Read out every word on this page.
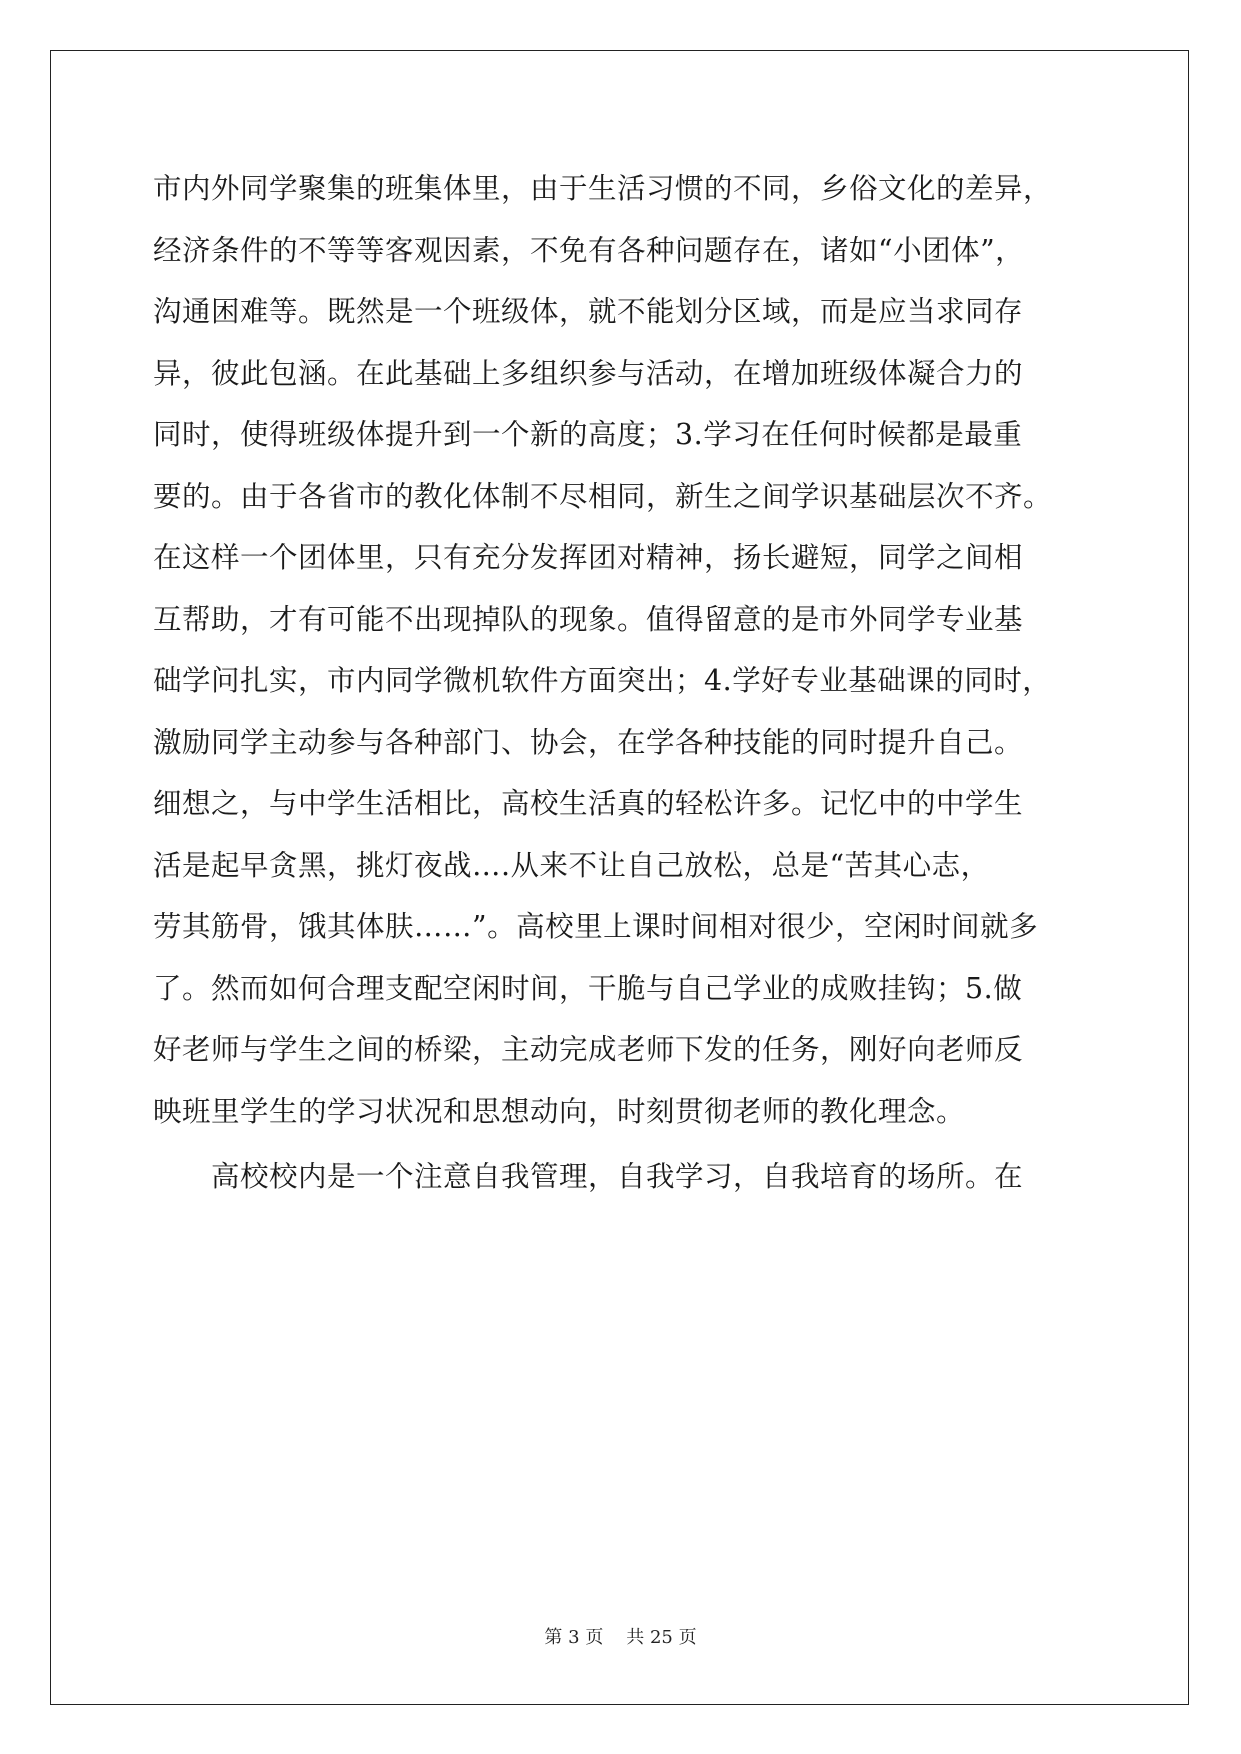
市内外同学聚集的班集体里，由于生活习惯的不同，乡俗文化的差异，
经济条件的不等等客观因素，不免有各种问题存在，诸如“小团体”，
沟通困难等。既然是一个班级体，就不能划分区域，而是应当求同存
异，彼此包涵。在此基础上多组织参与活动，在增加班级体凝合力的
同时，使得班级体提升到一个新的高度；3.学习在任何时候都是最重
要的。由于各省市的教化体制不尽相同，新生之间学识基础层次不齐。
在这样一个团体里，只有充分发挥团对精神，扬长避短，同学之间相
互帮助，才有可能不出现掉队的现象。值得留意的是市外同学专业基
础学问扎实，市内同学微机软件方面突出；4.学好专业基础课的同时，
激励同学主动参与各种部门、协会，在学各种技能的同时提升自己。
细想之，与中学生活相比，高校生活真的轻松许多。记忆中的中学生
活是起早贪黑，挑灯夜战….从来不让自己放松，总是“苦其心志，
劳其筋骨，饿其体肤……”。高校里上课时间相对很少，空闲时间就多
了。然而如何合理支配空闲时间，干脆与自己学业的成败挂钩；5.做
好老师与学生之间的桥梁，主动完成老师下发的任务，刚好向老师反
映班里学生的学习状况和思想动向，时刻贯彻老师的教化理念。
高校校内是一个注意自我管理，自我学习，自我培育的场所。在
第 3 页 共 25 页
